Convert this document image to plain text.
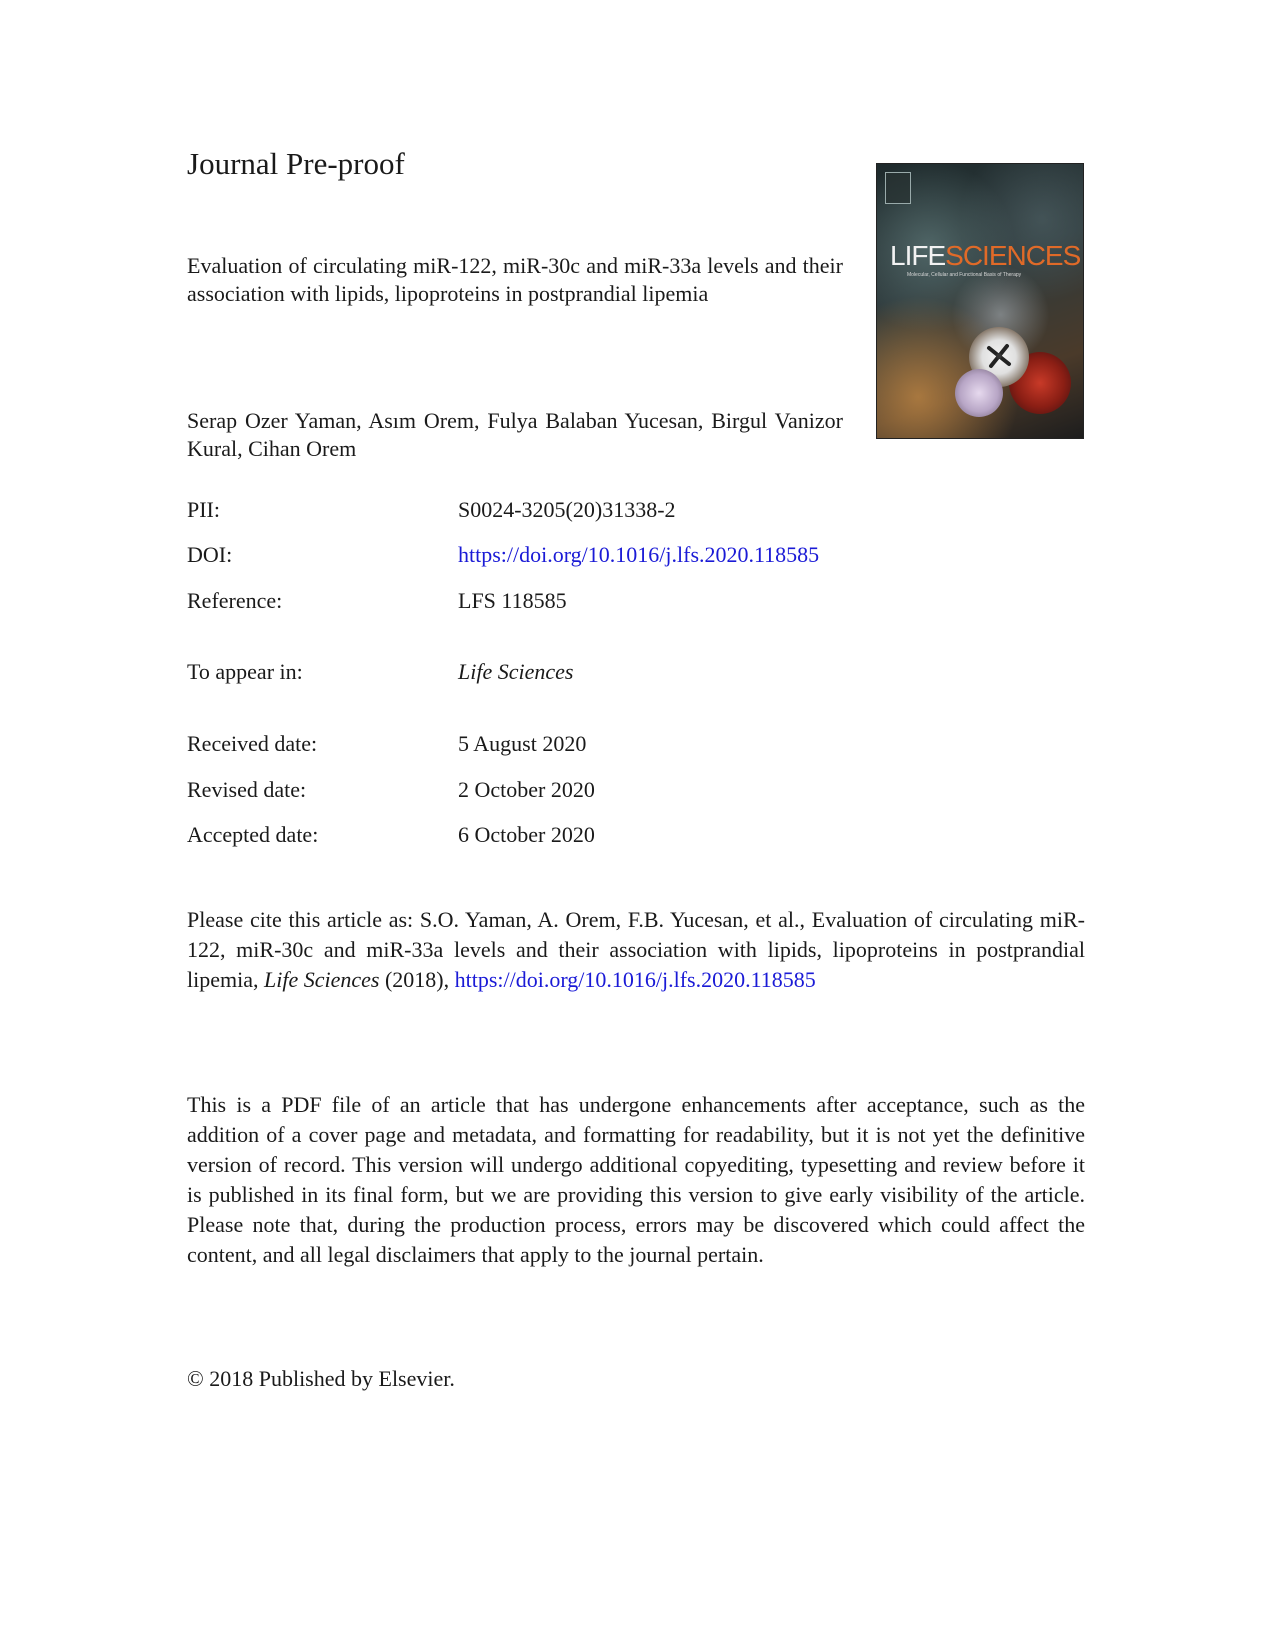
Journal Pre-proof
Evaluation of circulating miR-122, miR-30c and miR-33a levels and their association with lipids, lipoproteins in postprandial lipemia
Serap Ozer Yaman, Asım Orem, Fulya Balaban Yucesan, Birgul Vanizor Kural, Cihan Orem
PII:	S0024-3205(20)31338-2
DOI:	https://doi.org/10.1016/j.lfs.2020.118585
Reference:	LFS 118585
To appear in:	Life Sciences
Received date:	5 August 2020
Revised date:	2 October 2020
Accepted date:	6 October 2020
Please cite this article as: S.O. Yaman, A. Orem, F.B. Yucesan, et al., Evaluation of circulating miR-122, miR-30c and miR-33a levels and their association with lipids, lipoproteins in postprandial lipemia, Life Sciences (2018), https://doi.org/10.1016/j.lfs.2020.118585
This is a PDF file of an article that has undergone enhancements after acceptance, such as the addition of a cover page and metadata, and formatting for readability, but it is not yet the definitive version of record. This version will undergo additional copyediting, typesetting and review before it is published in its final form, but we are providing this version to give early visibility of the article. Please note that, during the production process, errors may be discovered which could affect the content, and all legal disclaimers that apply to the journal pertain.
© 2018 Published by Elsevier.
LIFESCIENCES
Molecular, Cellular and Functional Basis of Therapy
